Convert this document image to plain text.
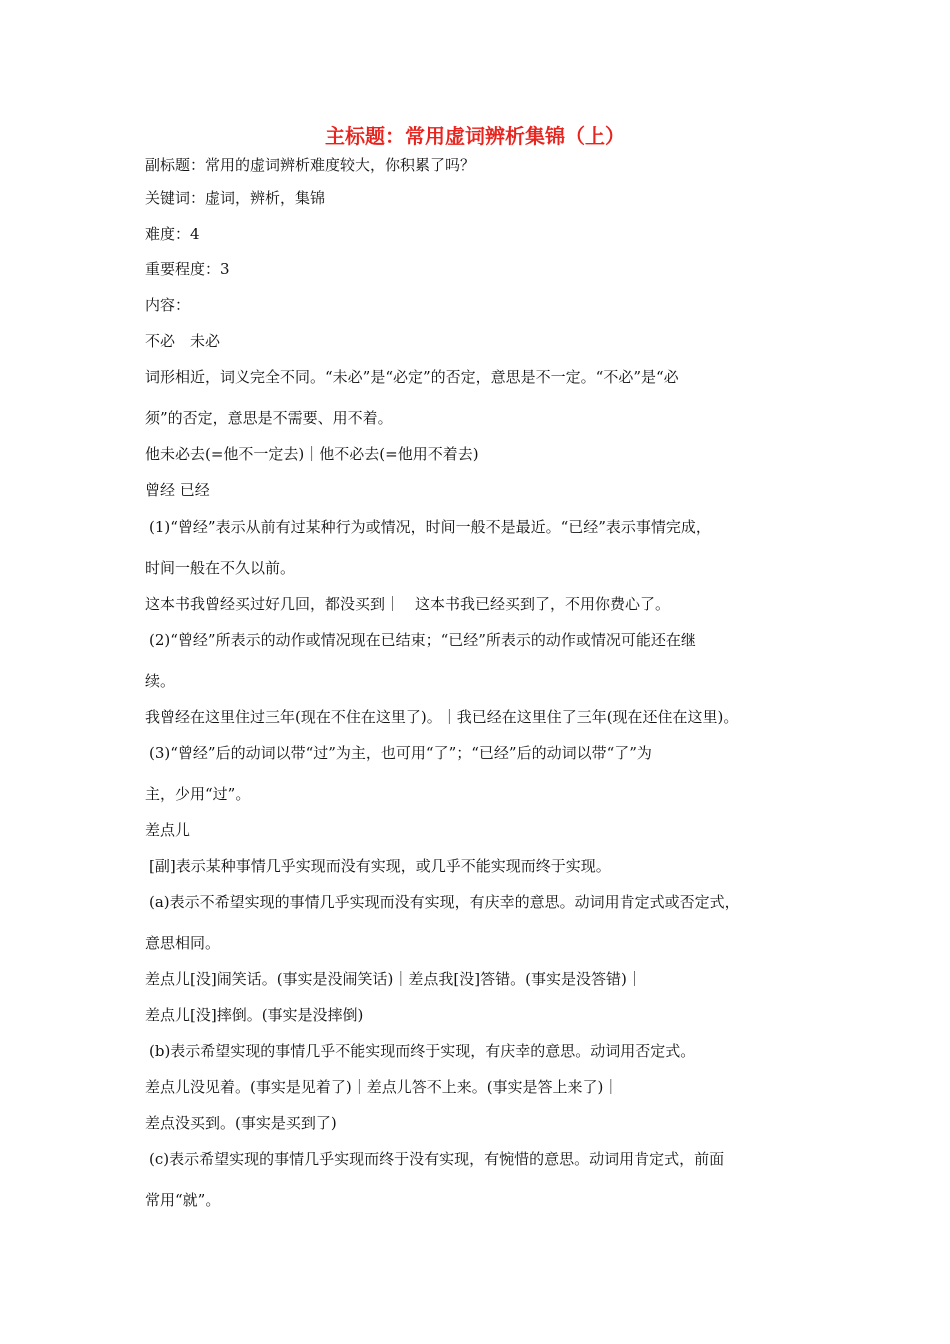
主标题：常用虚词辨析集锦（上）
副标题：常用的虚词辨析难度较大，你积累了吗？
关键词：虚词，辨析，集锦
难度：4
重要程度：3
内容：
不必　未必
词形相近，词义完全不同。“未必”是“必定”的否定，意思是不一定。“不必”是“必
须”的否定，意思是不需要、用不着。
他未必去(=他不一定去)｜他不必去(=他用不着去)
曾经 已经
(1)“曾经”表示从前有过某种行为或情况，时间一般不是最近。“已经”表示事情完成，
时间一般在不久以前。
这本书我曾经买过好几回，都没买到｜　这本书我已经买到了，不用你费心了。
(2)“曾经”所表示的动作或情况现在已结束；“已经”所表示的动作或情况可能还在继
续。
我曾经在这里住过三年(现在不住在这里了)。｜我已经在这里住了三年(现在还住在这里)。
(3)“曾经”后的动词以带“过”为主，也可用“了”；“已经”后的动词以带“了”为
主，少用“过”。
差点儿
[副]表示某种事情几乎实现而没有实现，或几乎不能实现而终于实现。
(a)表示不希望实现的事情几乎实现而没有实现，有庆幸的意思。动词用肯定式或否定式，
意思相同。
差点儿[没]闹笑话。(事实是没闹笑话)｜差点我[没]答错。(事实是没答错)｜
差点儿[没]摔倒。(事实是没摔倒)
(b)表示希望实现的事情几乎不能实现而终于实现，有庆幸的意思。动词用否定式。
差点儿没见着。(事实是见着了)｜差点儿答不上来。(事实是答上来了)｜
差点没买到。(事实是买到了)
(c)表示希望实现的事情几乎实现而终于没有实现，有惋惜的意思。动词用肯定式，前面
常用“就”。
